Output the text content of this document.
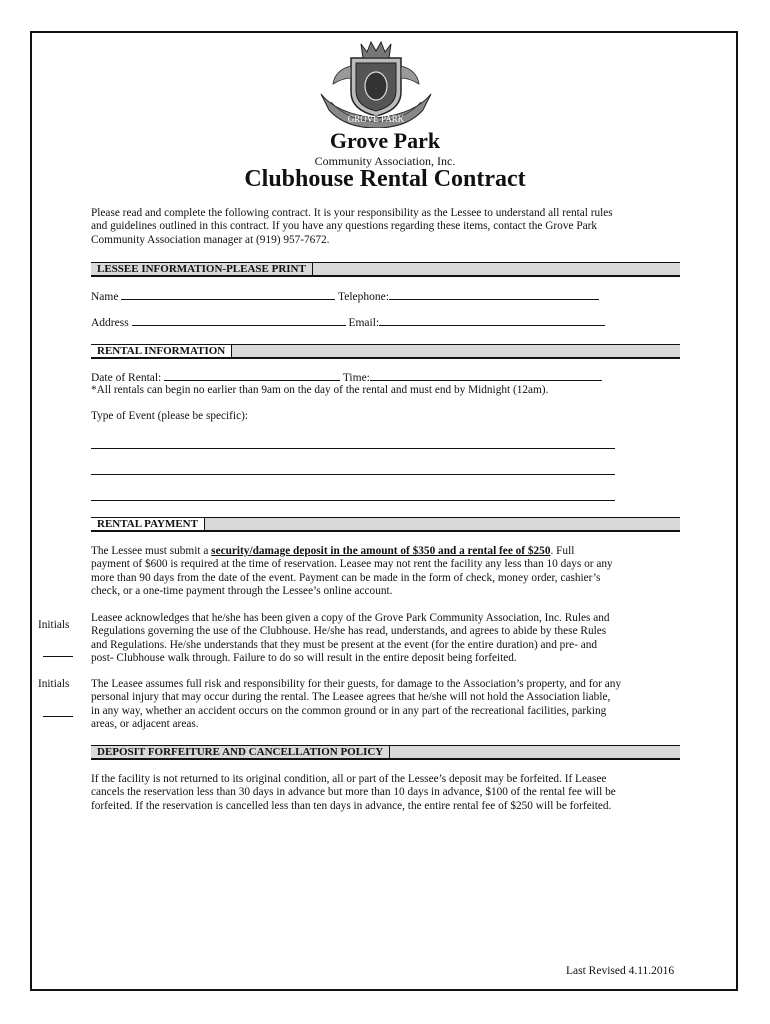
GROVE PARK
Grove Park
Community Association, Inc.
Clubhouse Rental Contract
Please read and complete the following contract. It is your responsibility as the Lessee to understand all rental rules
and guidelines outlined in this contract. If you have any questions regarding these items, contact the Grove Park
Community Association manager at (919) 957-7672.
LESSEE INFORMATION-PLEASE PRINT
Name	Telephone:
Address	Email:
RENTAL INFORMATION
Date of Rental:	Time:
*All rentals can begin no earlier than 9am on the day of the rental and must end by Midnight (12am).
Type of Event (please be specific):
RENTAL PAYMENT
The Lessee must submit a security/damage deposit in the amount of $350 and a rental fee of $250. Full
payment of $600 is required at the time of reservation. Leasee may not rent the facility any less than 10 days or any
more than 90 days from the date of the event. Payment can be made in the form of check, money order, cashier’s
check, or a one-time payment through the Lessee’s online account.
Initials
Leasee acknowledges that he/she has been given a copy of the Grove Park Community Association, Inc. Rules and
Regulations governing the use of the Clubhouse. He/she has read, understands, and agrees to abide by these Rules
and Regulations. He/she understands that they must be present at the event (for the entire duration) and pre- and
post- Clubhouse walk through. Failure to do so will result in the entire deposit being forfeited.
Initials The Leasee assumes full risk and responsibility for their guests, for damage to the Association’s property, and for any
personal injury that may occur during the rental. The Leasee agrees that he/she will not hold the Association liable,
in any way, whether an accident occurs on the common ground or in any part of the recreational facilities, parking
areas, or adjacent areas.
DEPOSIT FORFEITURE AND CANCELLATION POLICY
If the facility is not returned to its original condition, all or part of the Lessee’s deposit may be forfeited. If Leasee
cancels the reservation less than 30 days in advance but more than 10 days in advance, $100 of the rental fee will be
forfeited. If the reservation is cancelled less than ten days in advance, the entire rental fee of $250 will be forfeited.
Last Revised 4.11.2016
